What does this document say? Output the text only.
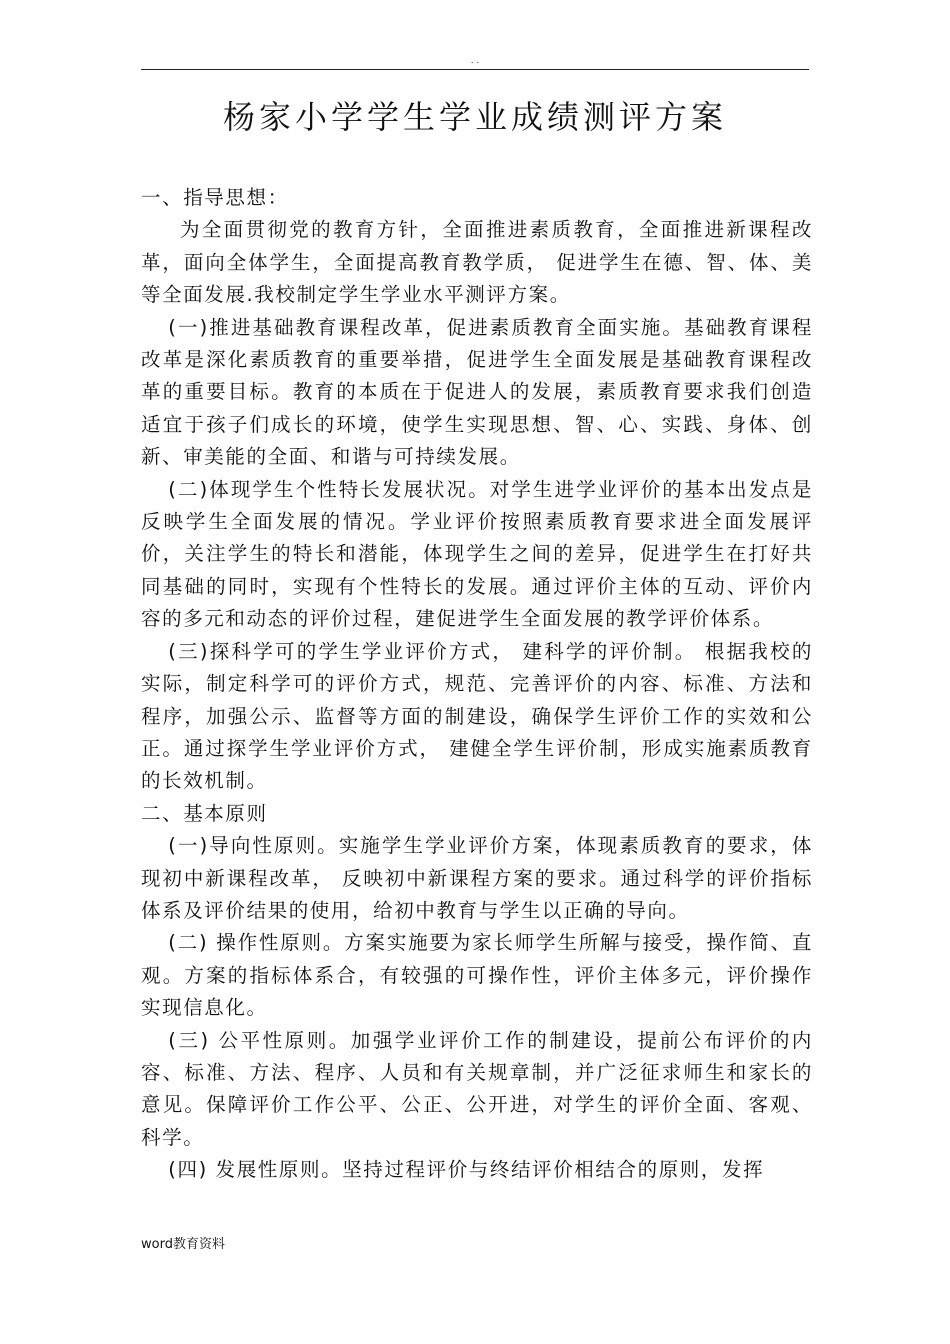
. .
杨家小学学生学业成绩测评方案

一、指导思想：

为全面贯彻党的教育方针，全面推进素质教育，全面推进新课程改革，面向全体学生，全面提高教育教学质， 促进学生在德、智、体、美等全面发展.我校制定学生学业水平测评方案。

(一)推进基础教育课程改革，促进素质教育全面实施。基础教育课程改革是深化素质教育的重要举措，促进学生全面发展是基础教育课程改革的重要目标。教育的本质在于促进人的发展，素质教育要求我们创造适宜于孩子们成长的环境，使学生实现思想、智、心、实践、身体、创新、审美能的全面、和谐与可持续发展。

(二)体现学生个性特长发展状况。对学生进学业评价的基本出发点是反映学生全面发展的情况。学业评价按照素质教育要求进全面发展评价，关注学生的特长和潜能，体现学生之间的差异，促进学生在打好共同基础的同时，实现有个性特长的发展。通过评价主体的互动、评价内容的多元和动态的评价过程，建促进学生全面发展的教学评价体系。

(三)探科学可的学生学业评价方式， 建科学的评价制。 根据我校的实际，制定科学可的评价方式，规范、完善评价的内容、标准、方法和程序，加强公示、监督等方面的制建设，确保学生评价工作的实效和公正。通过探学生学业评价方式， 建健全学生评价制，形成实施素质教育的长效机制。

二、基本原则

(一)导向性原则。实施学生学业评价方案，体现素质教育的要求，体现初中新课程改革， 反映初中新课程方案的要求。通过科学的评价指标体系及评价结果的使用，给初中教育与学生以正确的导向。

(二) 操作性原则。方案实施要为家长师学生所解与接受，操作简、直观。方案的指标体系合，有较强的可操作性，评价主体多元，评价操作实现信息化。

(三) 公平性原则。加强学业评价工作的制建设，提前公布评价的内容、标准、方法、程序、人员和有关规章制，并广泛征求师生和家长的意见。保障评价工作公平、公正、公开进，对学生的评价全面、客观、科学。

(四) 发展性原则。坚持过程评价与终结评价相结合的原则，发挥

word教育资料
